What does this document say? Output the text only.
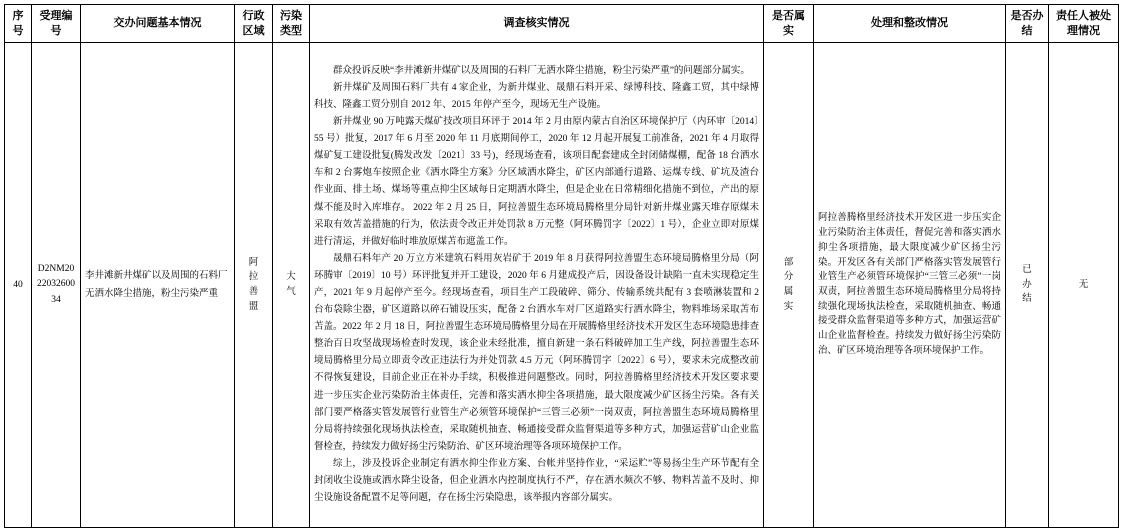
序号	受理编号	交办问题基本情况	行政区域	污染类型	调查核实情况	是否属实	处理和整改情况	是否办结	责任人被处理情况
40	D2NM202203260034	李井滩新井煤矿以及周围的石料厂无洒水降尘措施，粉尘污染严重	阿拉善盟	大气	群众投诉反映“李井滩新井煤矿以及周围的石料厂无洒水降尘措施，粉尘污染严重”的问题部分属实。

新井煤矿及周围石料厂共有 4 家企业，为新井煤业、晟鼎石料开采、绿博科技、隆鑫工贸，其中绿博科技、隆鑫工贸分别自 2012 年、2015 年停产至今，现场无生产设施。

新井煤业 90 万吨露天煤矿技改项目环评于 2014 年 2 月由原内蒙古自治区环境保护厅（内环审〔2014〕55 号）批复，2017 年 6 月至 2020 年 11 月底期间停工，2020 年 12 月起开展复工前准备，2021 年 4 月取得煤矿复工建设批复(腾发改发〔2021〕33 号)，经现场查看，该项目配套建成全封闭储煤棚，配备 18 台洒水车和 2 台雾炮车按照企业《洒水降尘方案》分区域洒水降尘，矿区内部通行道路、运煤专线、矿坑及渣台作业面、排土场、煤场等重点抑尘区域每日定期洒水降尘，但是企业在日常精细化措施不到位，产出的原煤不能及时入库堆存。 2022 年 2 月 25 日，阿拉善盟生态环境局腾格里分局针对新井煤业露天堆存原煤未采取有效苫盖措施的行为，依法责令改正并处罚款 8 万元整（阿环腾罚字〔2022〕1 号），企业立即对原煤进行清运，并做好临时堆放原煤苫布遮盖工作。

晟鼎石料年产 20 万立方米建筑石料用灰岩矿于 2019 年 8 月获得阿拉善盟生态环境局腾格里分局（阿环腾审〔2019〕10 号）环评批复并开工建设，2020 年 6 月建成投产后，因设备设计缺陷一直未实现稳定生产，2021 年 9 月起停产至今。经现场查看，项目生产工段破碎、筛分、传输系统共配有 3 套喷淋装置和 2 台布袋除尘器，矿区道路以碎石铺设压实，配备 2 台洒水车对厂区道路实行洒水降尘，物料堆场采取苫布苫盖。2022 年 2 月 18 日，阿拉善盟生态环境局腾格里分局在开展腾格里经济技术开发区生态环境隐患排查整治百日攻坚战现场检查时发现，该企业未经批准，擅自新建一条石料破碎加工生产线，阿拉善盟生态环境局腾格里分局立即责令改正违法行为并处罚款 4.5 万元（阿环腾罚字〔2022〕6 号），要求未完成整改前不得恢复建设，目前企业正在补办手续，积极推进问题整改。同时，阿拉善腾格里经济技术开发区要求要进一步压实企业污染防治主体责任，完善和落实洒水抑尘各项措施，最大限度减少矿区扬尘污染。各有关部门要严格落实管发展管行业管生产必须管环境保护“三管三必须”一岗双责，阿拉善盟生态环境局腾格里分局将持续强化现场执法检查，采取随机抽查、畅通接受群众监督渠道等多种方式，加强运营矿山企业监督检查，持续发力做好扬尘污染防治、矿区环境治理等各项环境保护工作。

综上，涉及投诉企业制定有洒水抑尘作业方案、台帐并坚持作业，“采运贮”等易扬尘生产环节配有全封闭收尘设施或洒水降尘设备，但企业洒水内控制度执行不严，存在洒水频次不够、物料苫盖不及时、抑尘设施设备配置不足等问题，存在扬尘污染隐患，该举报内容部分属实。	部分属实	阿拉善腾格里经济技术开发区进一步压实企业污染防治主体责任，督促完善和落实洒水抑尘各项措施，最大限度减少矿区扬尘污染。开发区各有关部门严格落实管发展管行业管生产必须管环境保护“三管三必须”一岗双责，阿拉善盟生态环境局腾格里分局将持续强化现场执法检查，采取随机抽查、畅通接受群众监督渠道等多种方式，加强运营矿山企业监督检查。持续发力做好扬尘污染防治、矿区环境治理等各项环境保护工作。	已办结	无
